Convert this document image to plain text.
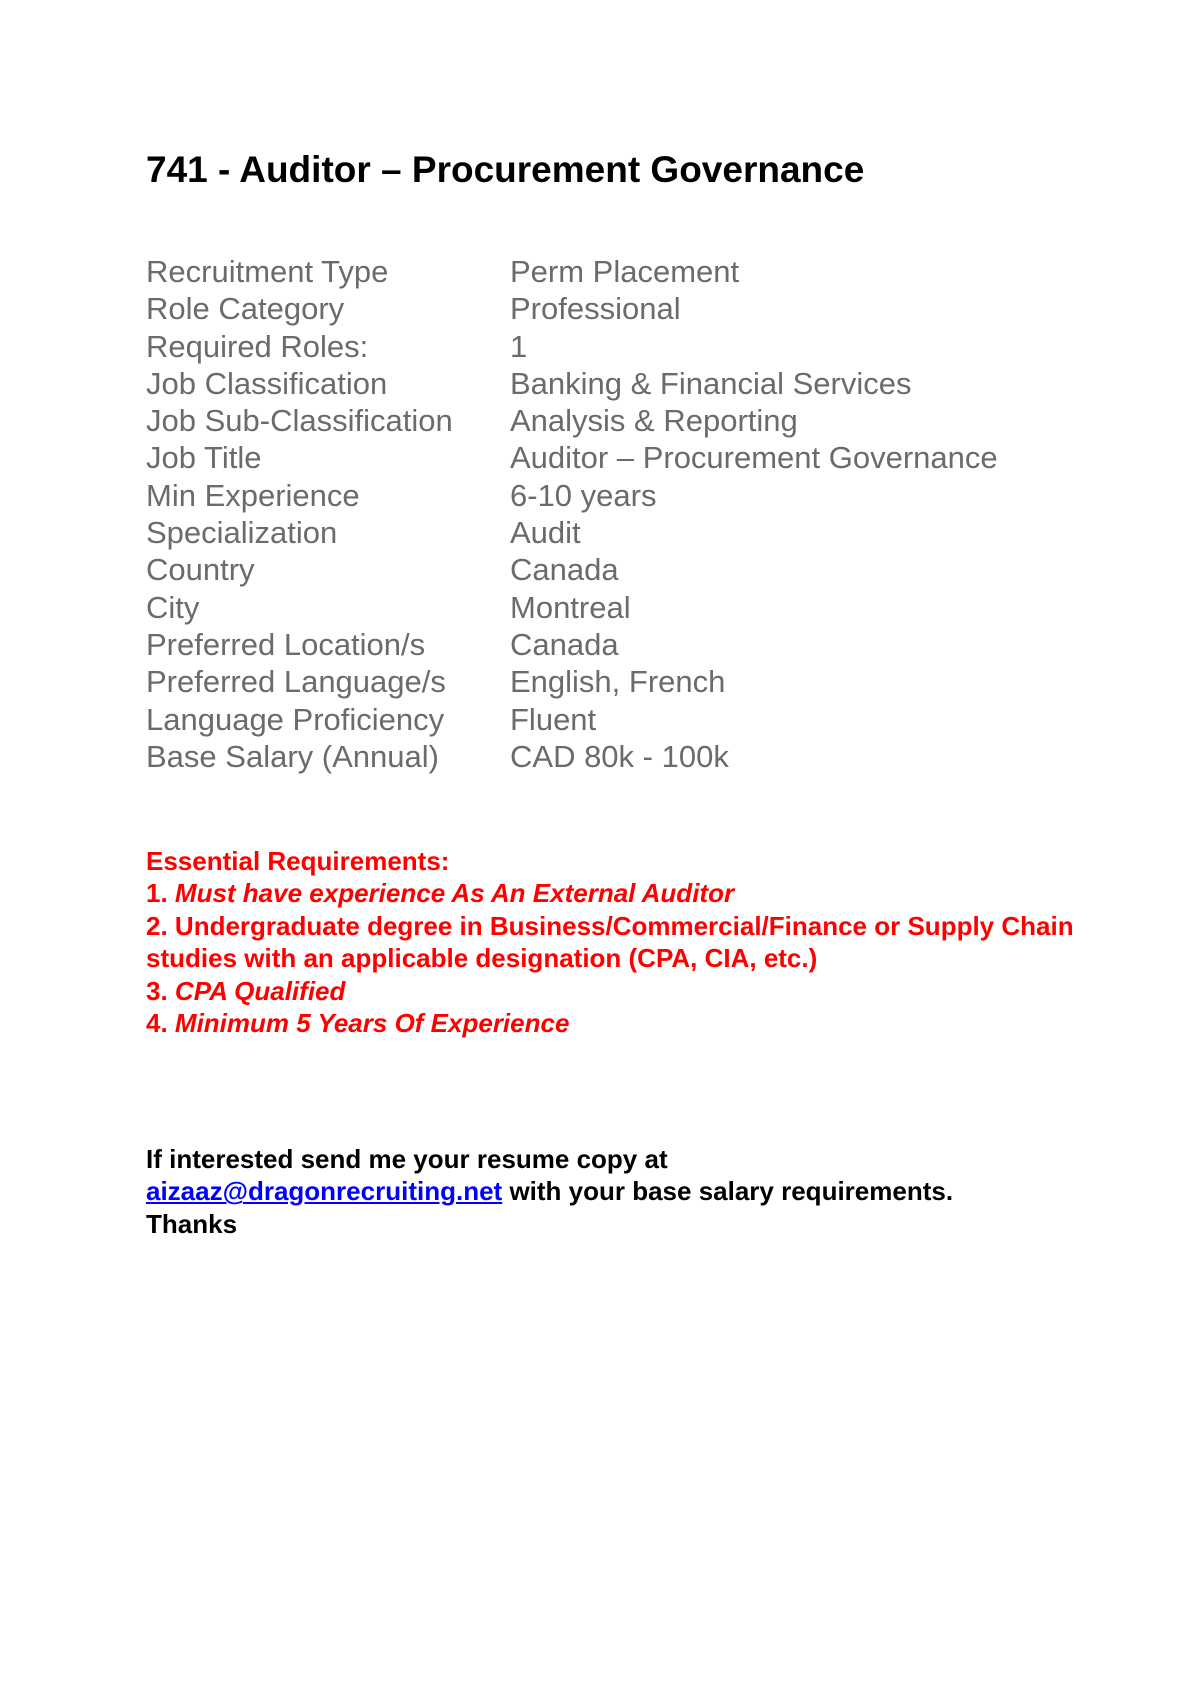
741 - Auditor – Procurement Governance
Recruitment Type	Perm Placement
Role Category	Professional
Required Roles:	1
Job Classification	Banking & Financial Services
Job Sub-Classification	Analysis & Reporting
Job Title	Auditor – Procurement Governance
Min Experience	6-10 years
Specialization	Audit
Country	Canada
City	Montreal
Preferred Location/s	Canada
Preferred Language/s	English, French
Language Proficiency	Fluent
Base Salary (Annual)	CAD 80k - 100k
Essential Requirements:
1. Must have experience As An External Auditor
2. Undergraduate degree in Business/Commercial/Finance or Supply Chain studies with an applicable designation (CPA, CIA, etc.)
3. CPA Qualified
4. Minimum 5 Years Of Experience
If interested send me your resume copy at
aizaaz@dragonrecruiting.net with your base salary requirements.
Thanks
